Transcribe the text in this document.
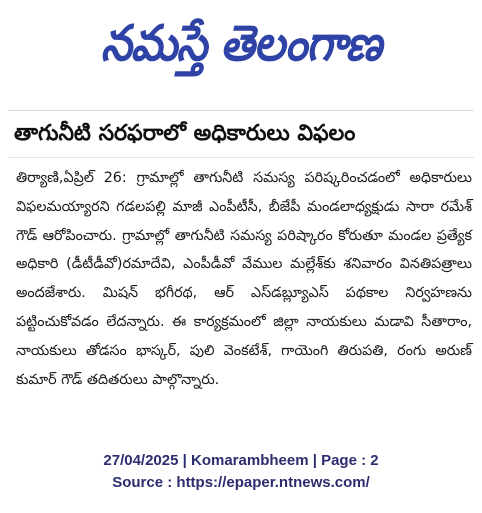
నమస్తే తెలంగాణ
తాగునీటి సరఫరాలో అధికారులు విఫలం
తిర్యాణి,ఏప్రిల్ 26: గ్రామాల్లో తాగునీటి సమస్య పరిష్కరించడంలో అధికారులు విఫలమయ్యారని గడలపల్లి మాజీ ఎంపీటీసీ, బీజేపీ మండలాధ్యక్షుడు సారా రమేశ్ గౌడ్ ఆరోపించారు. గ్రామాల్లో తాగునీటి సమస్య పరిష్కారం కోరుతూ మండల ప్రత్యేక అధికారి (డీటీడీవో)రమాదేవి, ఎంపీడీవో వేముల మల్లేశ్‌కు శనివారం వినతిపత్రాలు అందజేశారు. మిషన్ భగీరథ, ఆర్ ఎస్‌డబ్ల్యూఎస్ పథకాల నిర్వహణను పట్టించుకోవడం లేదన్నారు. ఈ కార్యక్రమంలో జిల్లా నాయకులు మడావి సీతారాం, నాయకులు తోడసం భాస్కర్, పులి వెంకటేశ్, గాయెంగి తిరుపతి, రంగు అరుణ్ కుమార్ గౌడ్ తదితరులు పాల్గొన్నారు.
27/04/2025 | Komarambheem | Page : 2
Source : https://epaper.ntnews.com/
